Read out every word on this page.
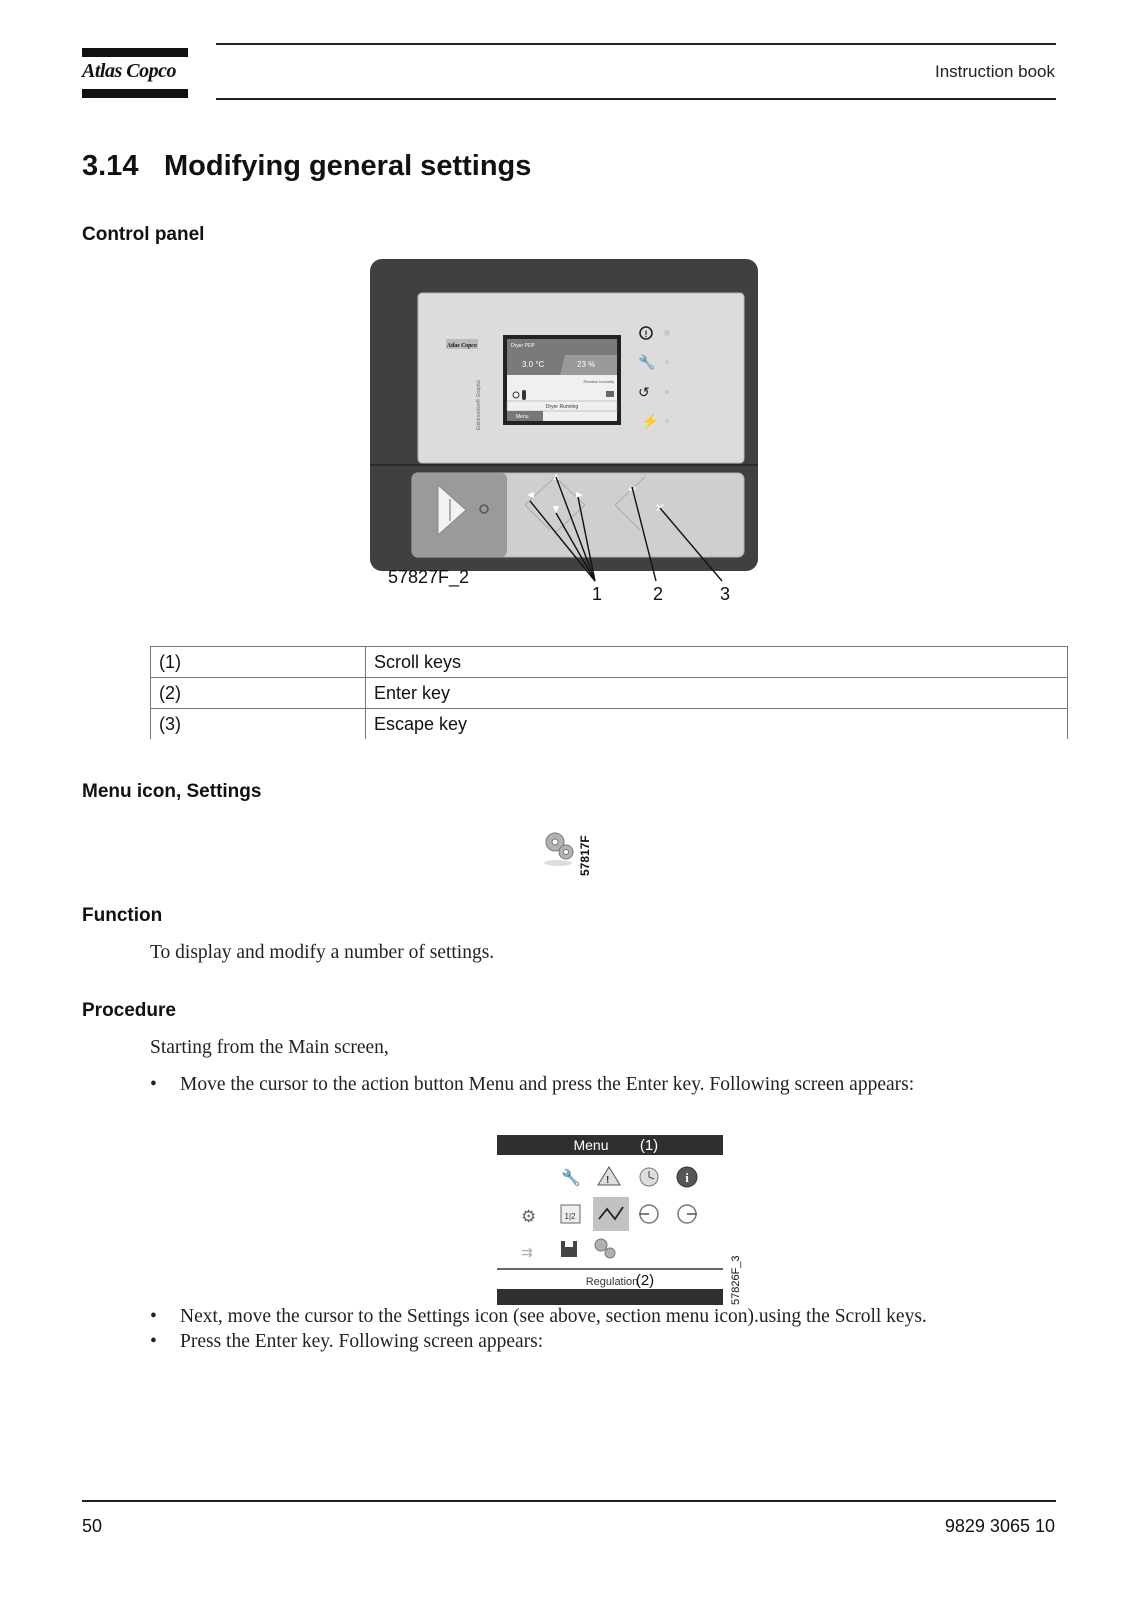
Atlas Copco	Instruction book
3.14 Modifying general settings
Control panel
Atlas Copco
Elektronikon® Graphic
Dryer PDP
3.0 °C	23 %
Relative humidity
Dryer Running
Menu
!
🔧
↺
⚡
↵
✕
57827F_2
1	2	3
(1)	Scroll keys
(2)	Enter key
(3)	Escape key
Menu icon, Settings
57817F
Function
To display and modify a number of settings.
Procedure
Starting from the Main screen,
• Move the cursor to the action button Menu and press the Enter key. Following screen appears:
Menu (1)
🔧	!	i
⚙	1|2
⇉
Regulation
(2)	57826F_3
• Next, move the cursor to the Settings icon (see above, section menu icon).using the Scroll keys.
• Press the Enter key. Following screen appears:
50	9829 3065 10
